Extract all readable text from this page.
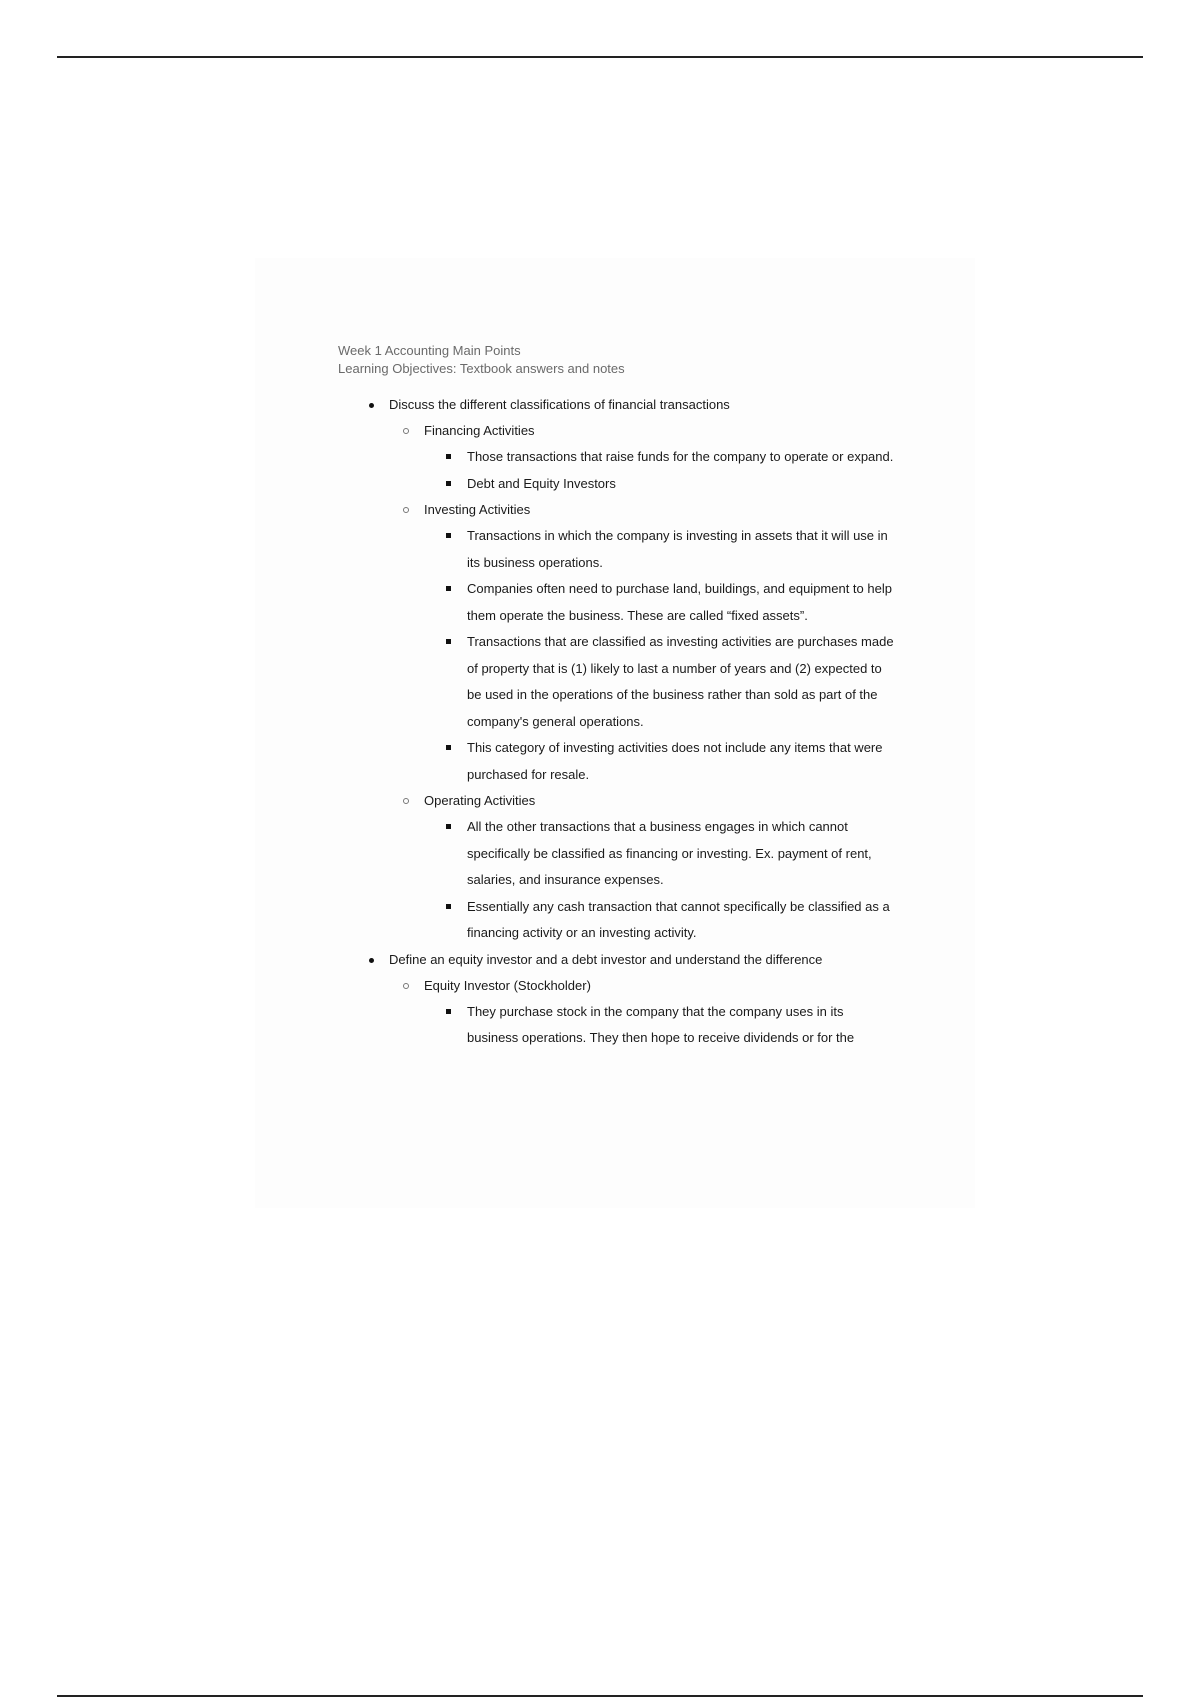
Week 1 Accounting Main Points

Learning Objectives: Textbook answers and notes

Discuss the different classifications of financial transactions
Financing Activities
Those transactions that raise funds for the company to operate or expand.
Debt and Equity Investors
Investing Activities
Transactions in which the company is investing in assets that it will use in its business operations.
Companies often need to purchase land, buildings, and equipment to help them operate the business. These are called “fixed assets”.
Transactions that are classified as investing activities are purchases made of property that is (1) likely to last a number of years and (2) expected to be used in the operations of the business rather than sold as part of the company's general operations.
This category of investing activities does not include any items that were purchased for resale.
Operating Activities
All the other transactions that a business engages in which cannot specifically be classified as financing or investing. Ex. payment of rent, salaries, and insurance expenses.
Essentially any cash transaction that cannot specifically be classified as a financing activity or an investing activity.
Define an equity investor and a debt investor and understand the difference
Equity Investor (Stockholder)
They purchase stock in the company that the company uses in its business operations. They then hope to receive dividends or for the
